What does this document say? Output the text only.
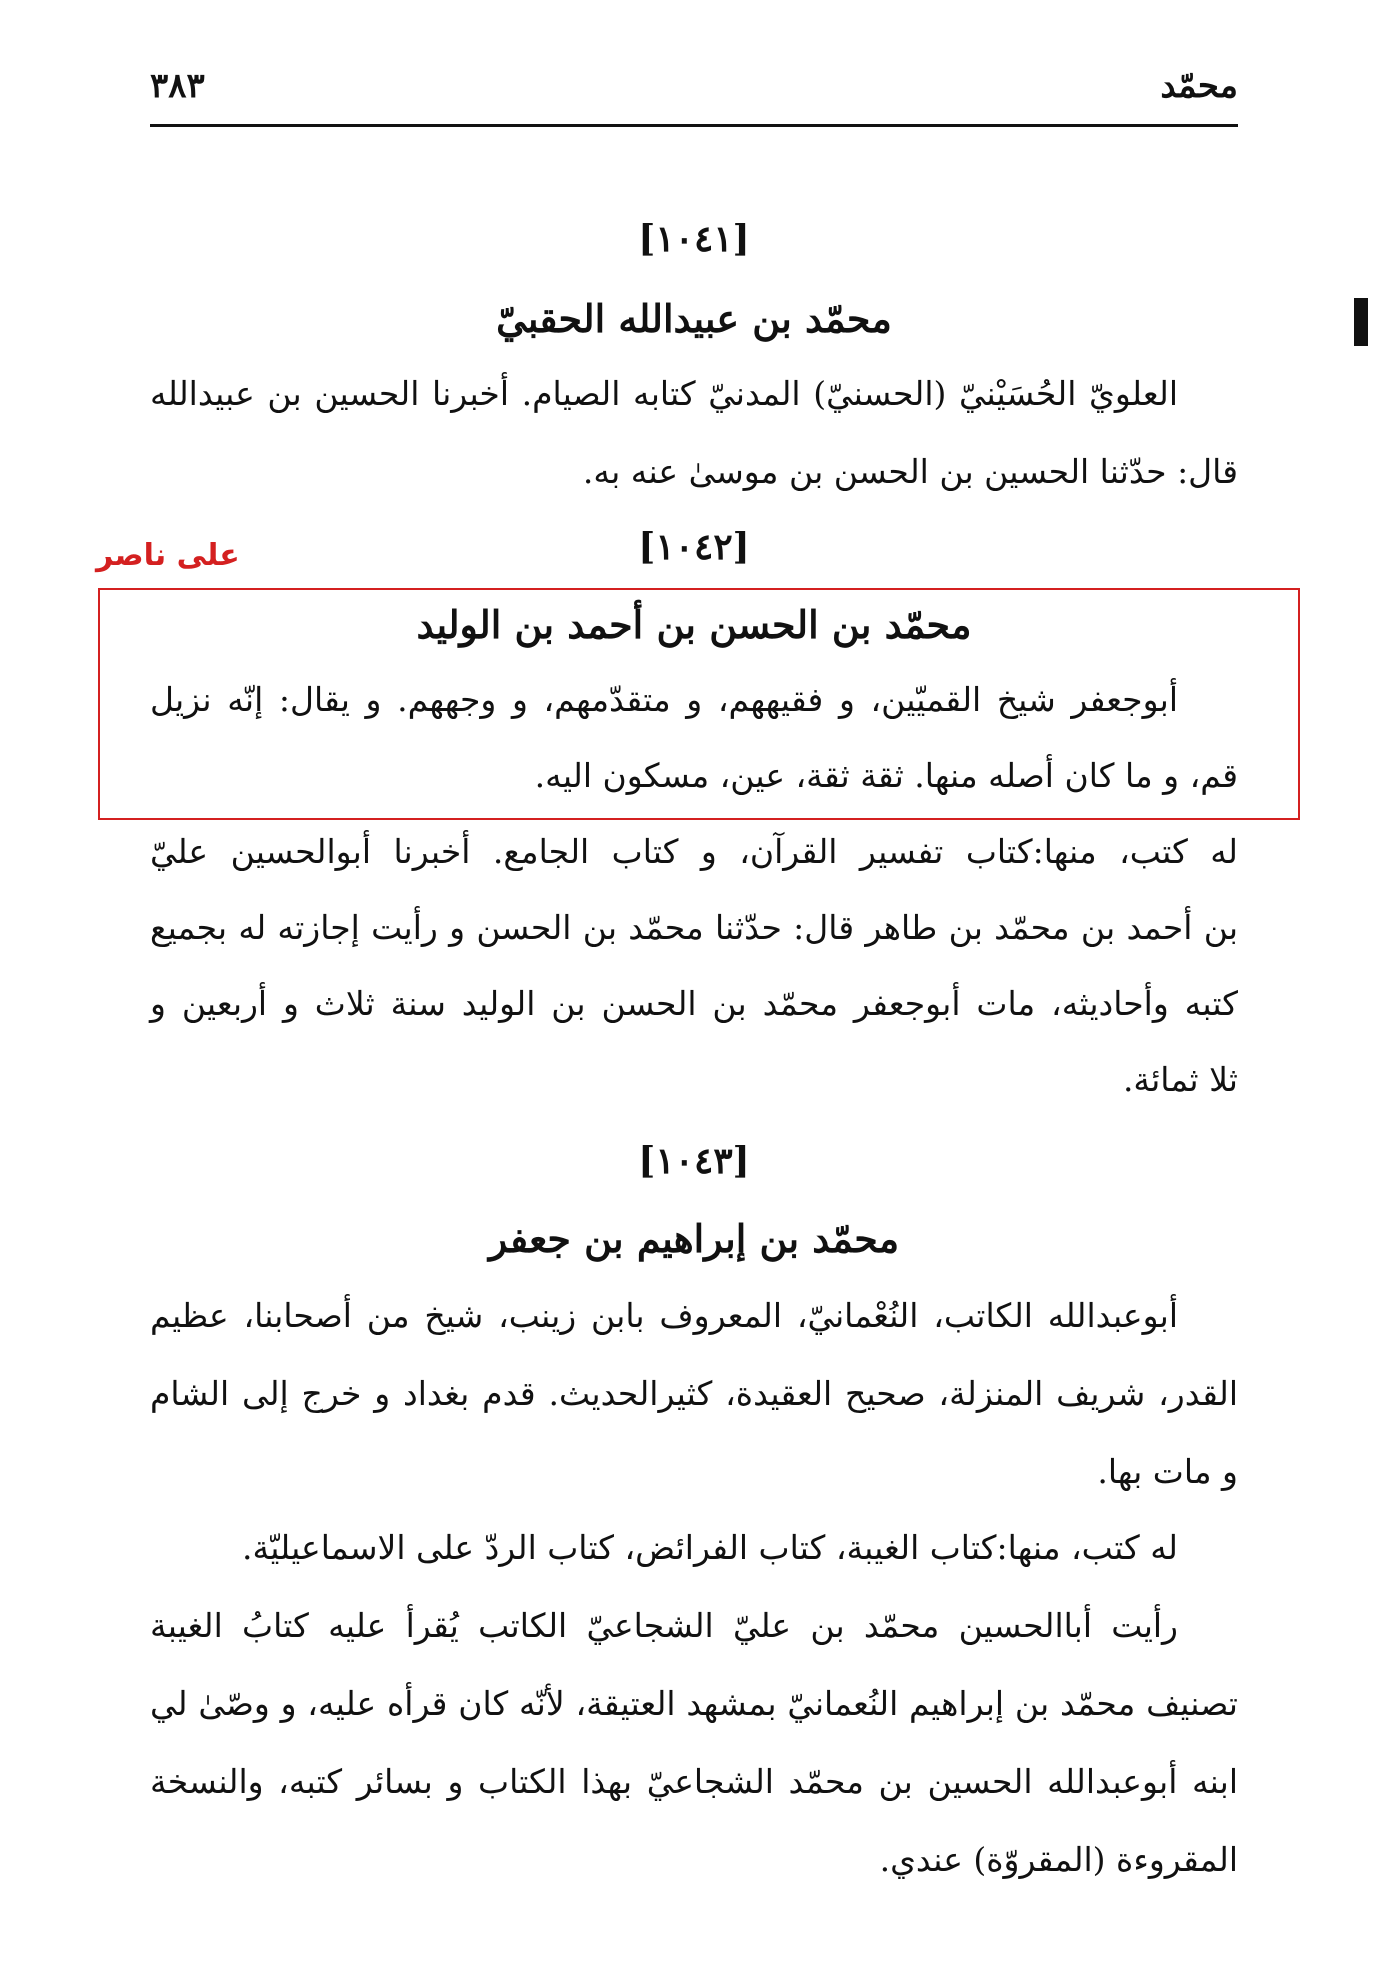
محمّد
٣٨٣
[١٠٤١]
محمّد بن عبيدالله الحقبيّ
العلويّ الحُسَيْنيّ (الحسنيّ) المدنيّ كتابه الصيام. أخبرنا الحسين بن عبيدالله
قال: حدّثنا الحسين بن الحسن بن موسىٰ عنه به.
[١٠٤٢]
محمّد بن الحسن بن أحمد بن الوليد
أبوجعفر شيخ القميّين، و فقيههم، و متقدّمهم، و وجههم. و يقال: إنّه نزيل
قم، و ما كان أصله منها. ثقة ثقة، عين، مسكون اليه.
له كتب، منها:كتاب تفسير القرآن، و كتاب الجامع. أخبرنا أبوالحسين عليّ
بن أحمد بن محمّد بن طاهر قال: حدّثنا محمّد بن الحسن و رأيت إجازته له بجميع
كتبه وأحاديثه، مات أبوجعفر محمّد بن الحسن بن الوليد سنة ثلاث و أربعين و
ثلا ثمائة.
[١٠٤٣]
محمّد بن إبراهيم بن جعفر
أبوعبدالله الكاتب، النُعْمانيّ، المعروف بابن زينب، شيخ من أصحابنا، عظيم
القدر، شريف المنزلة، صحيح العقيدة، كثيرالحديث. قدم بغداد و خرج إلى الشام
و مات بها.
له كتب، منها:كتاب الغيبة، كتاب الفرائض، كتاب الردّ على الاسماعيليّة.
رأيت أباالحسين محمّد بن عليّ الشجاعيّ الكاتب يُقرأ عليه كتابُ الغيبة
تصنيف محمّد بن إبراهيم النُعمانيّ بمشهد العتيقة، لأنّه كان قرأه عليه، و وصّىٰ لي
ابنه أبوعبدالله الحسين بن محمّد الشجاعيّ بهذا الكتاب و بسائر كتبه، والنسخة
المقروءة (المقروّة) عندي.
على ناصر
